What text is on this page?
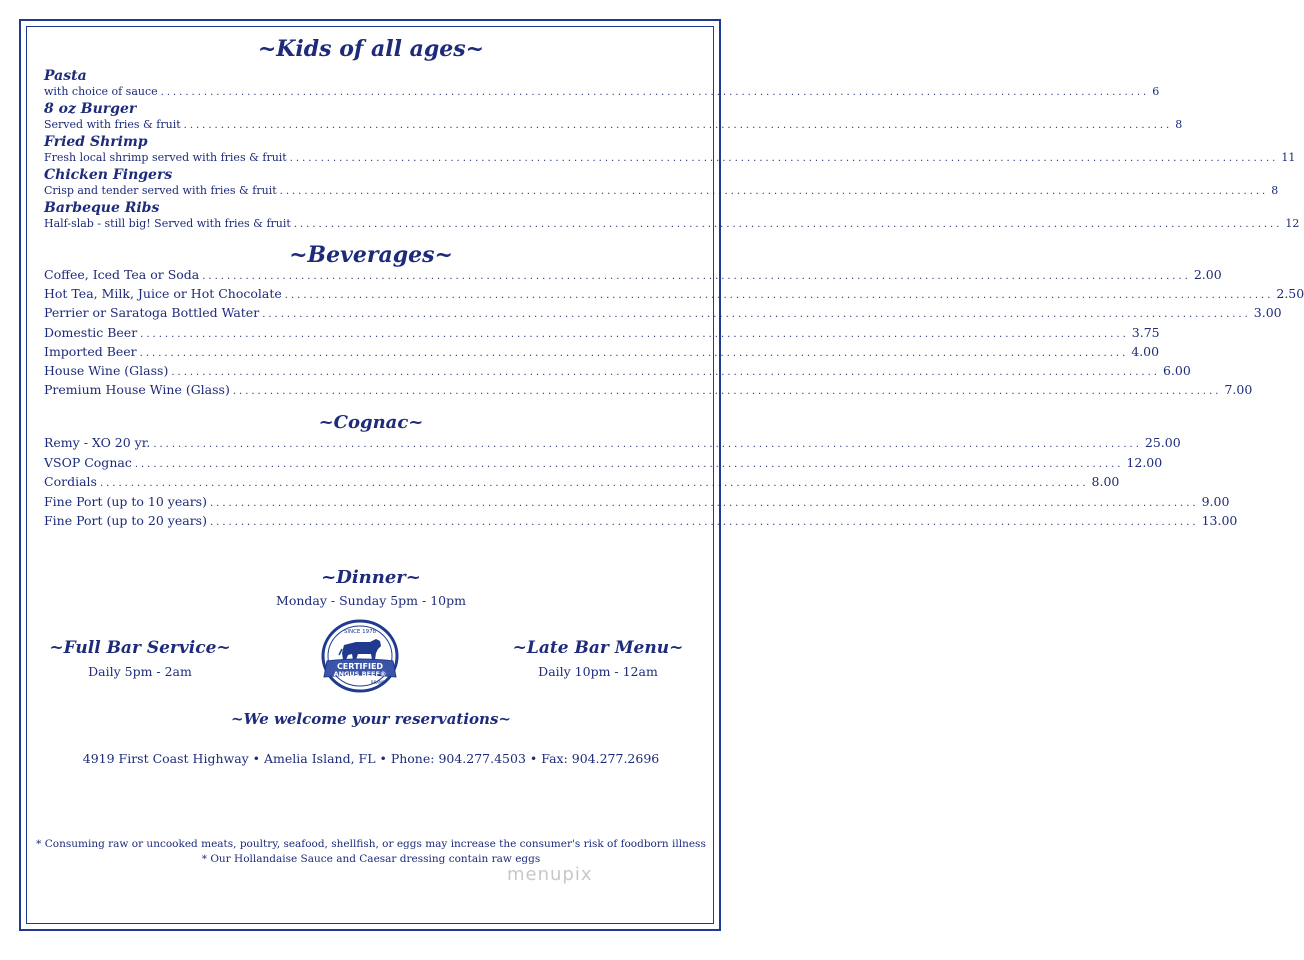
~Kids of all ages~
Pasta
with choice of sauce ................................................................................................................................................................ 6
8 oz Burger
Served with fries & fruit ................................................................................................................................................................ 8
Fried Shrimp
Fresh local shrimp served with fries & fruit ................................................................................................................................................................ 11
Chicken Fingers
Crisp and tender served with fries & fruit ................................................................................................................................................................ 8
Barbeque Ribs
Half-slab - still big! Served with fries & fruit ................................................................................................................................................................ 12
~Beverages~
Coffee, Iced Tea or Soda ................................................................................................................................................................ 2.00
Hot Tea, Milk, Juice or Hot Chocolate ................................................................................................................................................................ 2.50
Perrier or Saratoga Bottled Water ................................................................................................................................................................ 3.00
Domestic Beer ................................................................................................................................................................ 3.75
Imported Beer ................................................................................................................................................................ 4.00
House Wine (Glass) ................................................................................................................................................................ 6.00
Premium House Wine (Glass) ................................................................................................................................................................ 7.00
~Cognac~
Remy - XO 20 yr. ................................................................................................................................................................ 25.00
VSOP Cognac ................................................................................................................................................................ 12.00
Cordials ................................................................................................................................................................ 8.00
Fine Port (up to 10 years) ................................................................................................................................................................ 9.00
Fine Port (up to 20 years) ................................................................................................................................................................ 13.00
~Dinner~
Monday - Sunday 5pm - 10pm
~Full Bar Service~
Daily 5pm - 2am
SINCE 1978
CERTIFIED
ANGUS BEEF®
BRAND
~Late Bar Menu~
Daily 10pm - 12am
~We welcome your reservations~
4919 First Coast Highway • Amelia Island, FL • Phone: 904.277.4503 • Fax: 904.277.2696
* Consuming raw or uncooked meats, poultry, seafood, shellfish, or eggs may increase the consumer's risk of foodborn illness
* Our Hollandaise Sauce and Caesar dressing contain raw eggs
menupix
